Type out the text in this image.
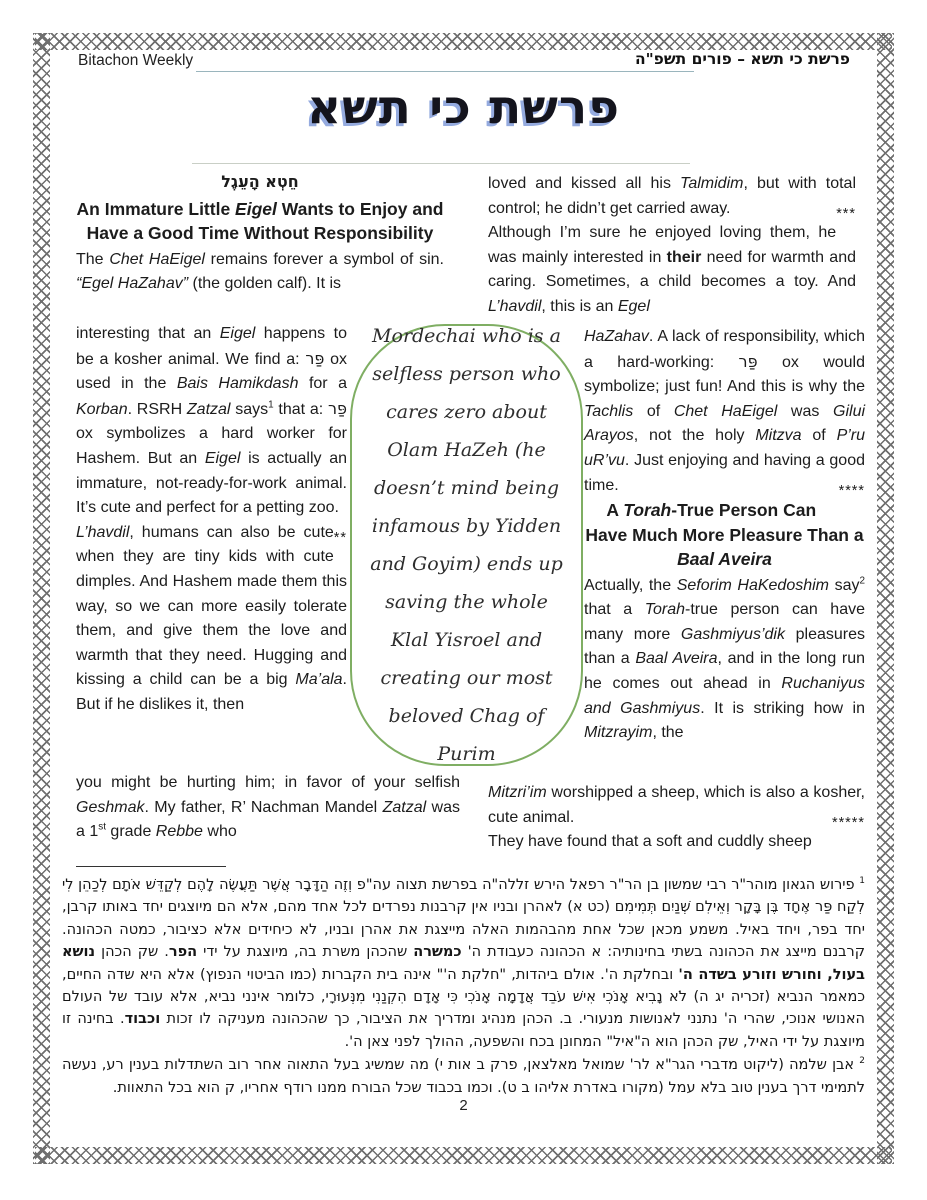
Bitachon Weekly	פרשת כי תשא – פורים תשפ"ה
פרשת כי תשא
חֵטְא הָעֵגֶל
An Immature Little Eigel Wants to Enjoy and Have a Good Time Without Responsibility

The Chet HaEigel remains forever a symbol of sin. “Egel HaZahav” (the golden calf). It is

interesting that an Eigel happens to be a kosher animal. We find a: פַּר ox used in the Bais Hamikdash for a Korban. RSRH Zatzal says$^1$ that a: פַּר ox symbolizes a hard worker for Hashem. But an Eigel is actually an immature, not-ready-for-work animal. It’s cute and perfect for a petting zoo.
**

L’havdil, humans can also be cute when they are tiny kids with cute dimples. And Hashem made them this way, so we can more easily tolerate them, and give them the love and warmth that they need. Hugging and kissing a child can be a big Ma’ala. But if he dislikes it, then

you might be hurting him; in favor of your selfish Geshmak. My father, R’ Nachman Mandel Zatzal was a 1st grade Rebbe who

Mordechai who is a selfless person who cares zero about Olam HaZeh (he doesn’t mind being infamous by Yidden and Goyim) ends up saving the whole Klal Yisroel and creating our most beloved Chag of Purim

loved and kissed all his Talmidim, but with total control; he didn’t get carried away.	***

Although I’m sure he enjoyed loving them, he was mainly interested in their need for warmth and caring. Sometimes, a child becomes a toy. And L’havdil, this is an Egel

HaZahav. A lack of responsibility, which a hard-working: פַּר ox would symbolize; just fun! And this is why the Tachlis of Chet HaEigel was Gilui Arayos, not the holy Mitzva of P’ru uR’vu. Just enjoying and having a good time.	****

A Torah-True Person Can Have Much More Pleasure Than a Baal Aveira

Actually, the Seforim HaKedoshim say$^2$ that a Torah-true person can have many more Gashmiyus’dik pleasures than a Baal Aveira, and in the long run he comes out ahead in Ruchaniyus and Gashmiyus. It is striking how in Mitzrayim, the

Mitzri’im worshipped a sheep, which is also a kosher, cute animal.	*****

They have found that a soft and cuddly sheep

$^1$ פירוש הגאון מוהר"ר רבי שמשון בן הר"ר רפאל הירש זללה"ה בפרשת תצוה עה"פ וְזֶה הַדָּבָר אֲשֶׁר תַּעֲשֶׂה לָהֶם לְקַדֵּשׁ אֹתָם לְכַהֵן לִי לְקַח פַּר אֶחָד בֶּן בָּקָר וְאֵילִם שְׁנַיִם תְּמִימִם (כט א) לאהרן ובניו אין קרבנות נפרדים לכל אחד מהם, אלא הם מיוצגים יחד באותו קרבן, יחד בפר, ויחד באיל. משמע מכאן שכל אחת מהבהמות האלה מייצגת את אהרן ובניו, לא כיחידים אלא כציבור, כמטה הכהונה. קרבנם מייצג את הכהונה בשתי בחינותיה: א הכהונה כעבודת ה' כמשרה שהכהן משרת בה, מיוצגת על ידי הפר. שק הכהן נושא בעול, וחורש וזורע בשדה ה' ובחלקת ה'. אולם ביהדות, "חלקת ה'" אינה בית הקברות (כמו הביטוי הנפוץ) אלא היא שדה החיים, כמאמר הנביא (זכריה יג ה) לֹא נָבִיא אָנֹכִי אִישׁ עֹבֵד אֲדָמָה אָנֹכִי כִּי אָדָם הִקְנַנִי מִנְּעוּרָי, כלומר אינני נביא, אלא עובד של העולם האנושי אנוכי, שהרי ה' נתנני לאנושות מנעורי. ב. הכהן מנהיג ומדריך את הציבור, כך שהכהונה מעניקה לו זכות וכבוד. בחינה זו מיוצגת על ידי האיל, שק הכהן הוא ה"איל" המחונן בכח והשפעה, ההולך לפני צאן ה'.

$^2$ אבן שלמה (ליקוט מדברי הגר"א לר' שמואל מאלצאן, פרק ב אות י) מה שמשיג בעל התאוה אחר רוב השתדלות בענין רע, נעשה לתמימי דרך בענין טוב בלא עמל (מקורו באדרת אליהו ב ט). וכמו בכבוד שכל הבורח ממנו רודף אחריו, ק הוא בכל התאוות.

2
